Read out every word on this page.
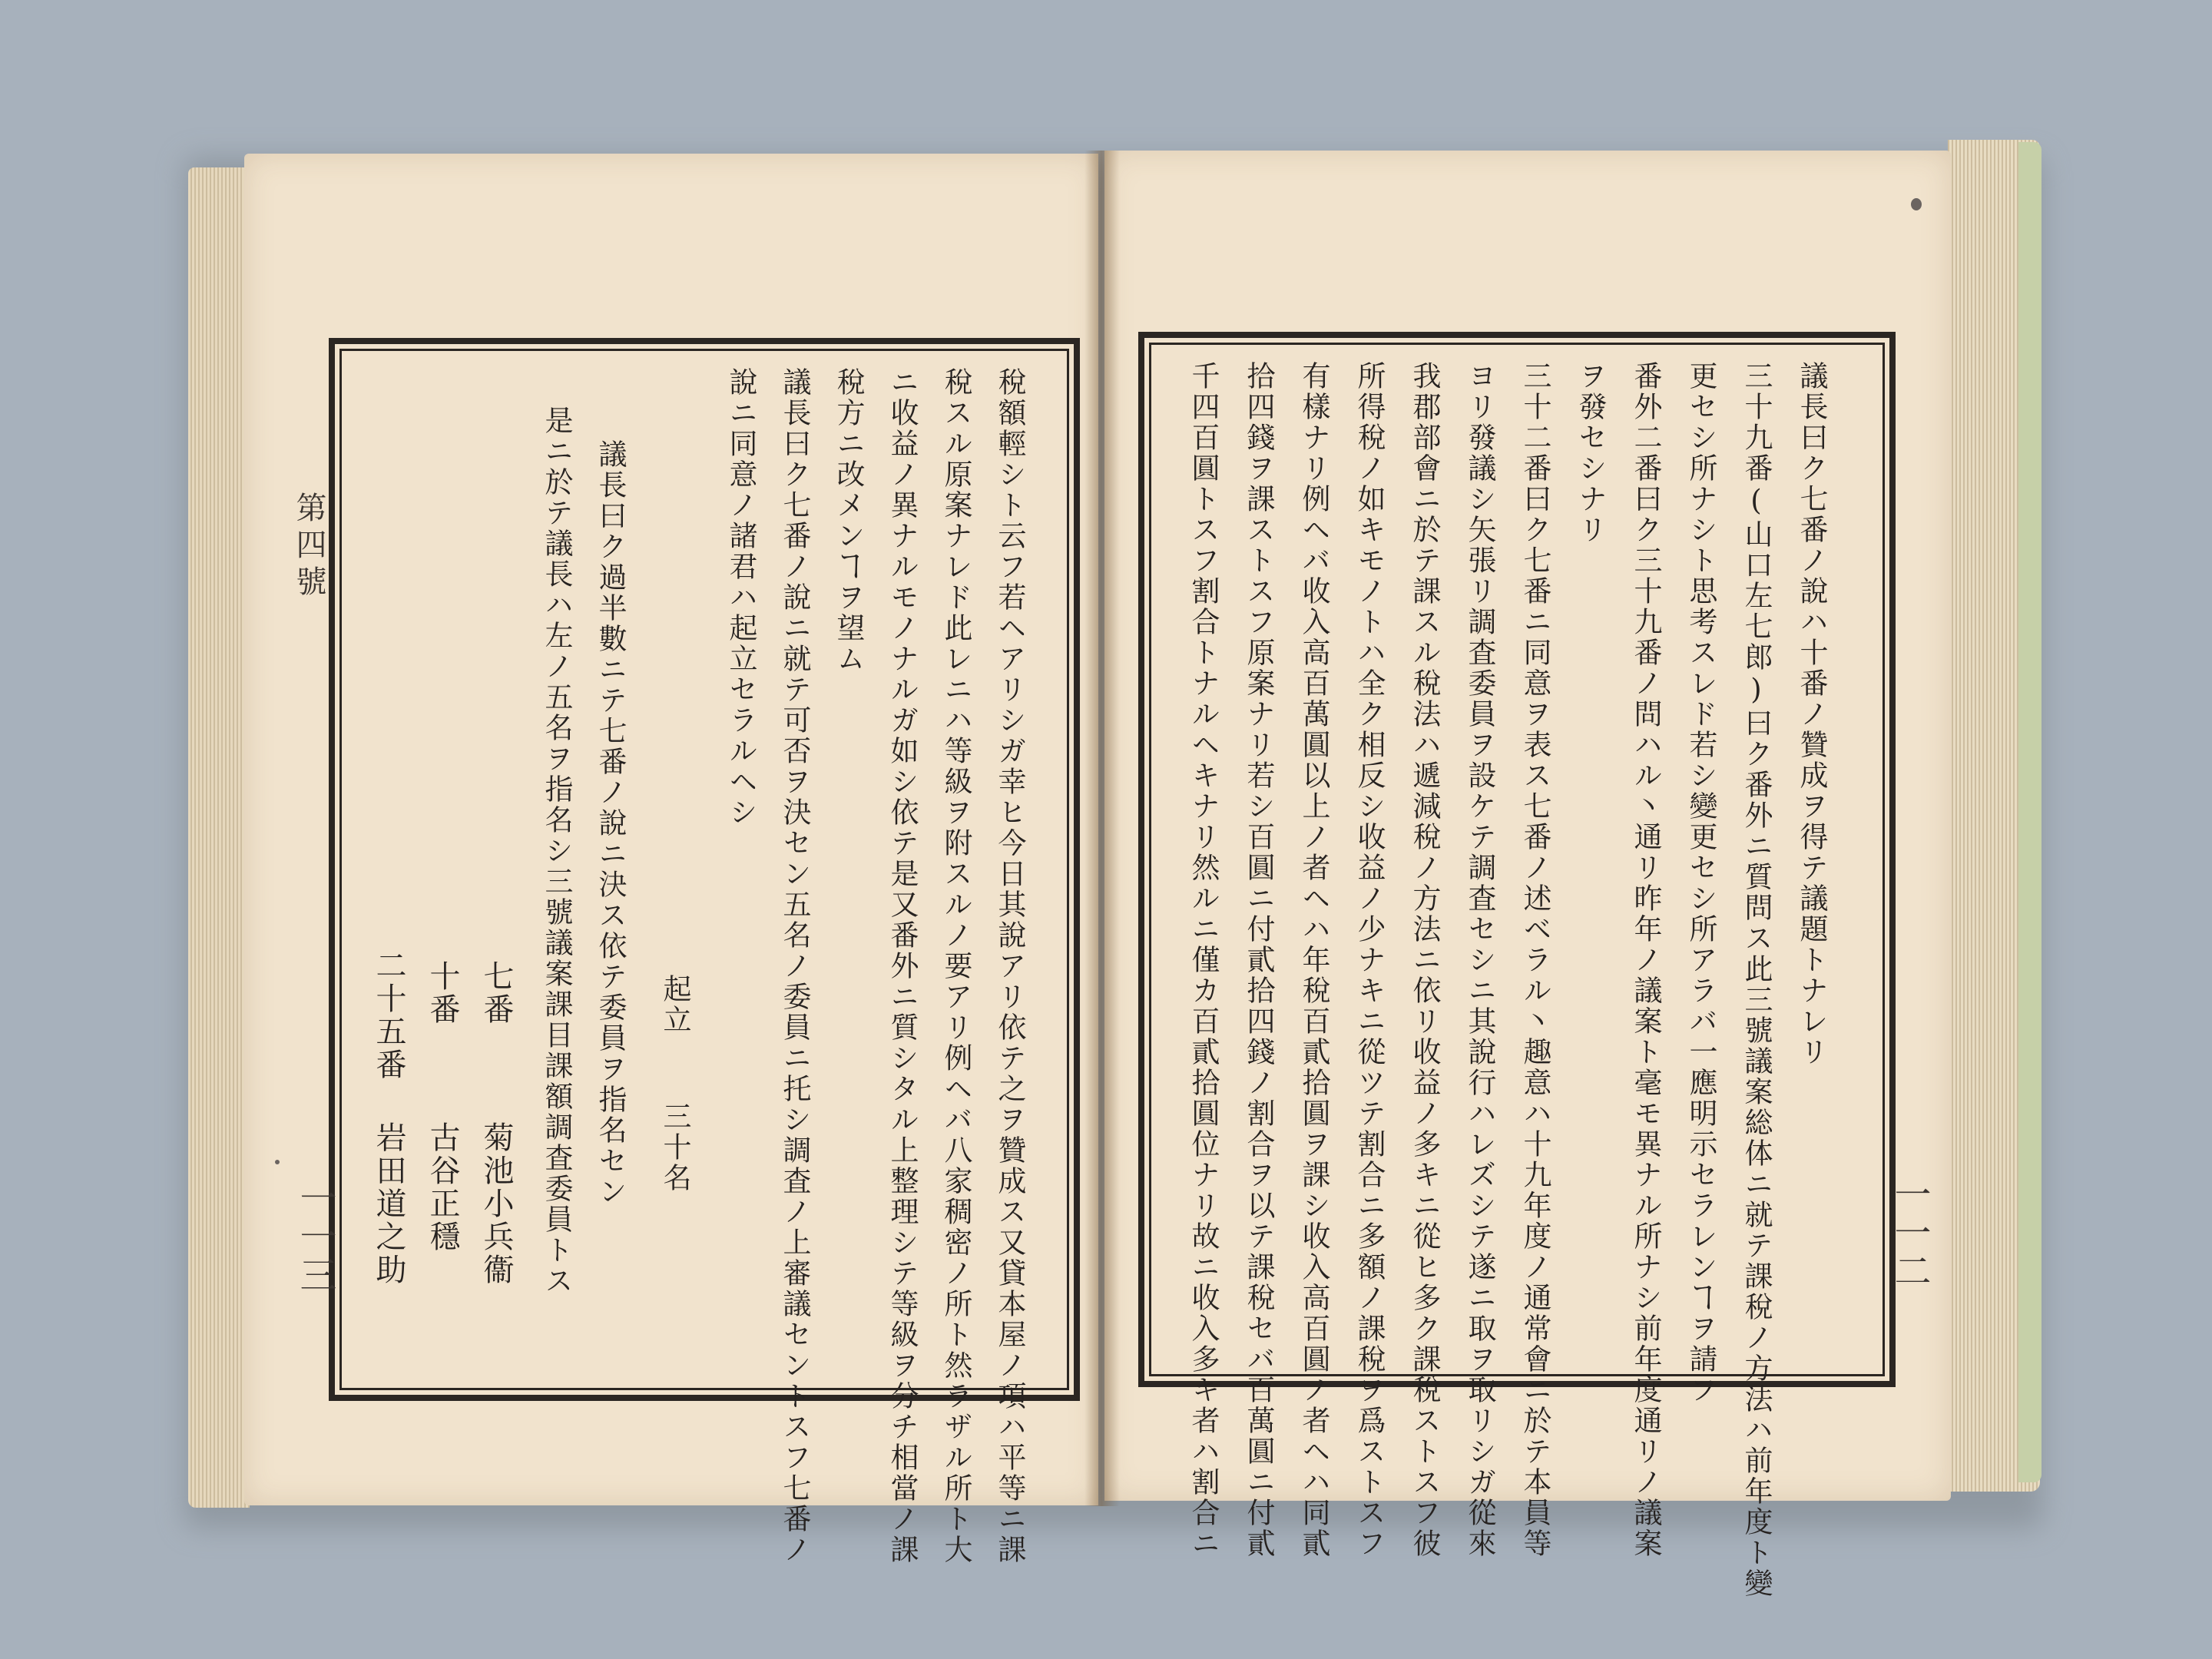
第四號
一一三	稅額輕シト云フ若ヘアリシガ幸ヒ今日其說アリ依テ之ヲ贊成ス又貸本屋ノ項ハ平等ニ課
稅スル原案ナレド此レニハ等級ヲ附スルノ要アリ例ヘバ八家稠密ノ所ト然ラザル所ト大
ニ收益ノ異ナルモノナルガ如シ依テ是又番外ニ質シタル上整理シテ等級ヲ分チ相當ノ課
稅方ニ改メンヿヲ望ム
議長曰ク七番ノ說ニ就テ可否ヲ決セン五名ノ委員ニ托シ調査ノ上審議セントスフ七番ノ
說ニ同意ノ諸君ハ起立セラルヘシ
起立
三十名
議長曰ク過半數ニテ七番ノ說ニ決ス依テ委員ヲ指名セン
是ニ於テ議長ハ左ノ五名ヲ指名シ三號議案課目課額調査委員トス
七番
菊池小兵衞
十番
古谷正穩
二十五番
岩田道之助
議長曰ク七番ノ說ハ十番ノ贊成ヲ得テ議題トナレリ
三十九番(山口左七郎)曰ク番外ニ質問ス此三號議案総体ニ就テ課稅ノ方法ハ前年度ト變
更セシ所ナシト思考スレド若シ變更セシ所アラバ一應明示セラレンヿヲ請フ
番外二番曰ク三十九番ノ問ハル丶通リ昨年ノ議案ト毫モ異ナル所ナシ前年度通リノ議案
ヲ發セシナリ
三十二番曰ク七番ニ同意ヲ表ス七番ノ述ベラル丶趣意ハ十九年度ノ通常會ニ於テ本員等
ヨリ發議シ矢張リ調査委員ヲ設ケテ調査セシニ其說行ハレズシテ遂ニ取ヲ取リシガ從來
我郡部會ニ於テ課スル稅法ハ遞減稅ノ方法ニ依リ收益ノ多キニ從ヒ多ク課稅ストスフ彼
所得稅ノ如キモノトハ全ク相反シ收益ノ少ナキニ從ツテ割合ニ多額ノ課稅ヲ爲ストスフ
有樣ナリ例ヘバ收入高百萬圓以上ノ者ヘハ年稅百貳拾圓ヲ課シ收入高百圓ノ者ヘハ同貳
拾四錢ヲ課ストスフ原案ナリ若シ百圓ニ付貳拾四錢ノ割合ヲ以テ課稅セバ百萬圓ニ付貳
千四百圓トスフ割合トナルヘキナリ然ルニ僅カ百貳拾圓位ナリ故ニ收入多キ者ハ割合ニ	一一二
